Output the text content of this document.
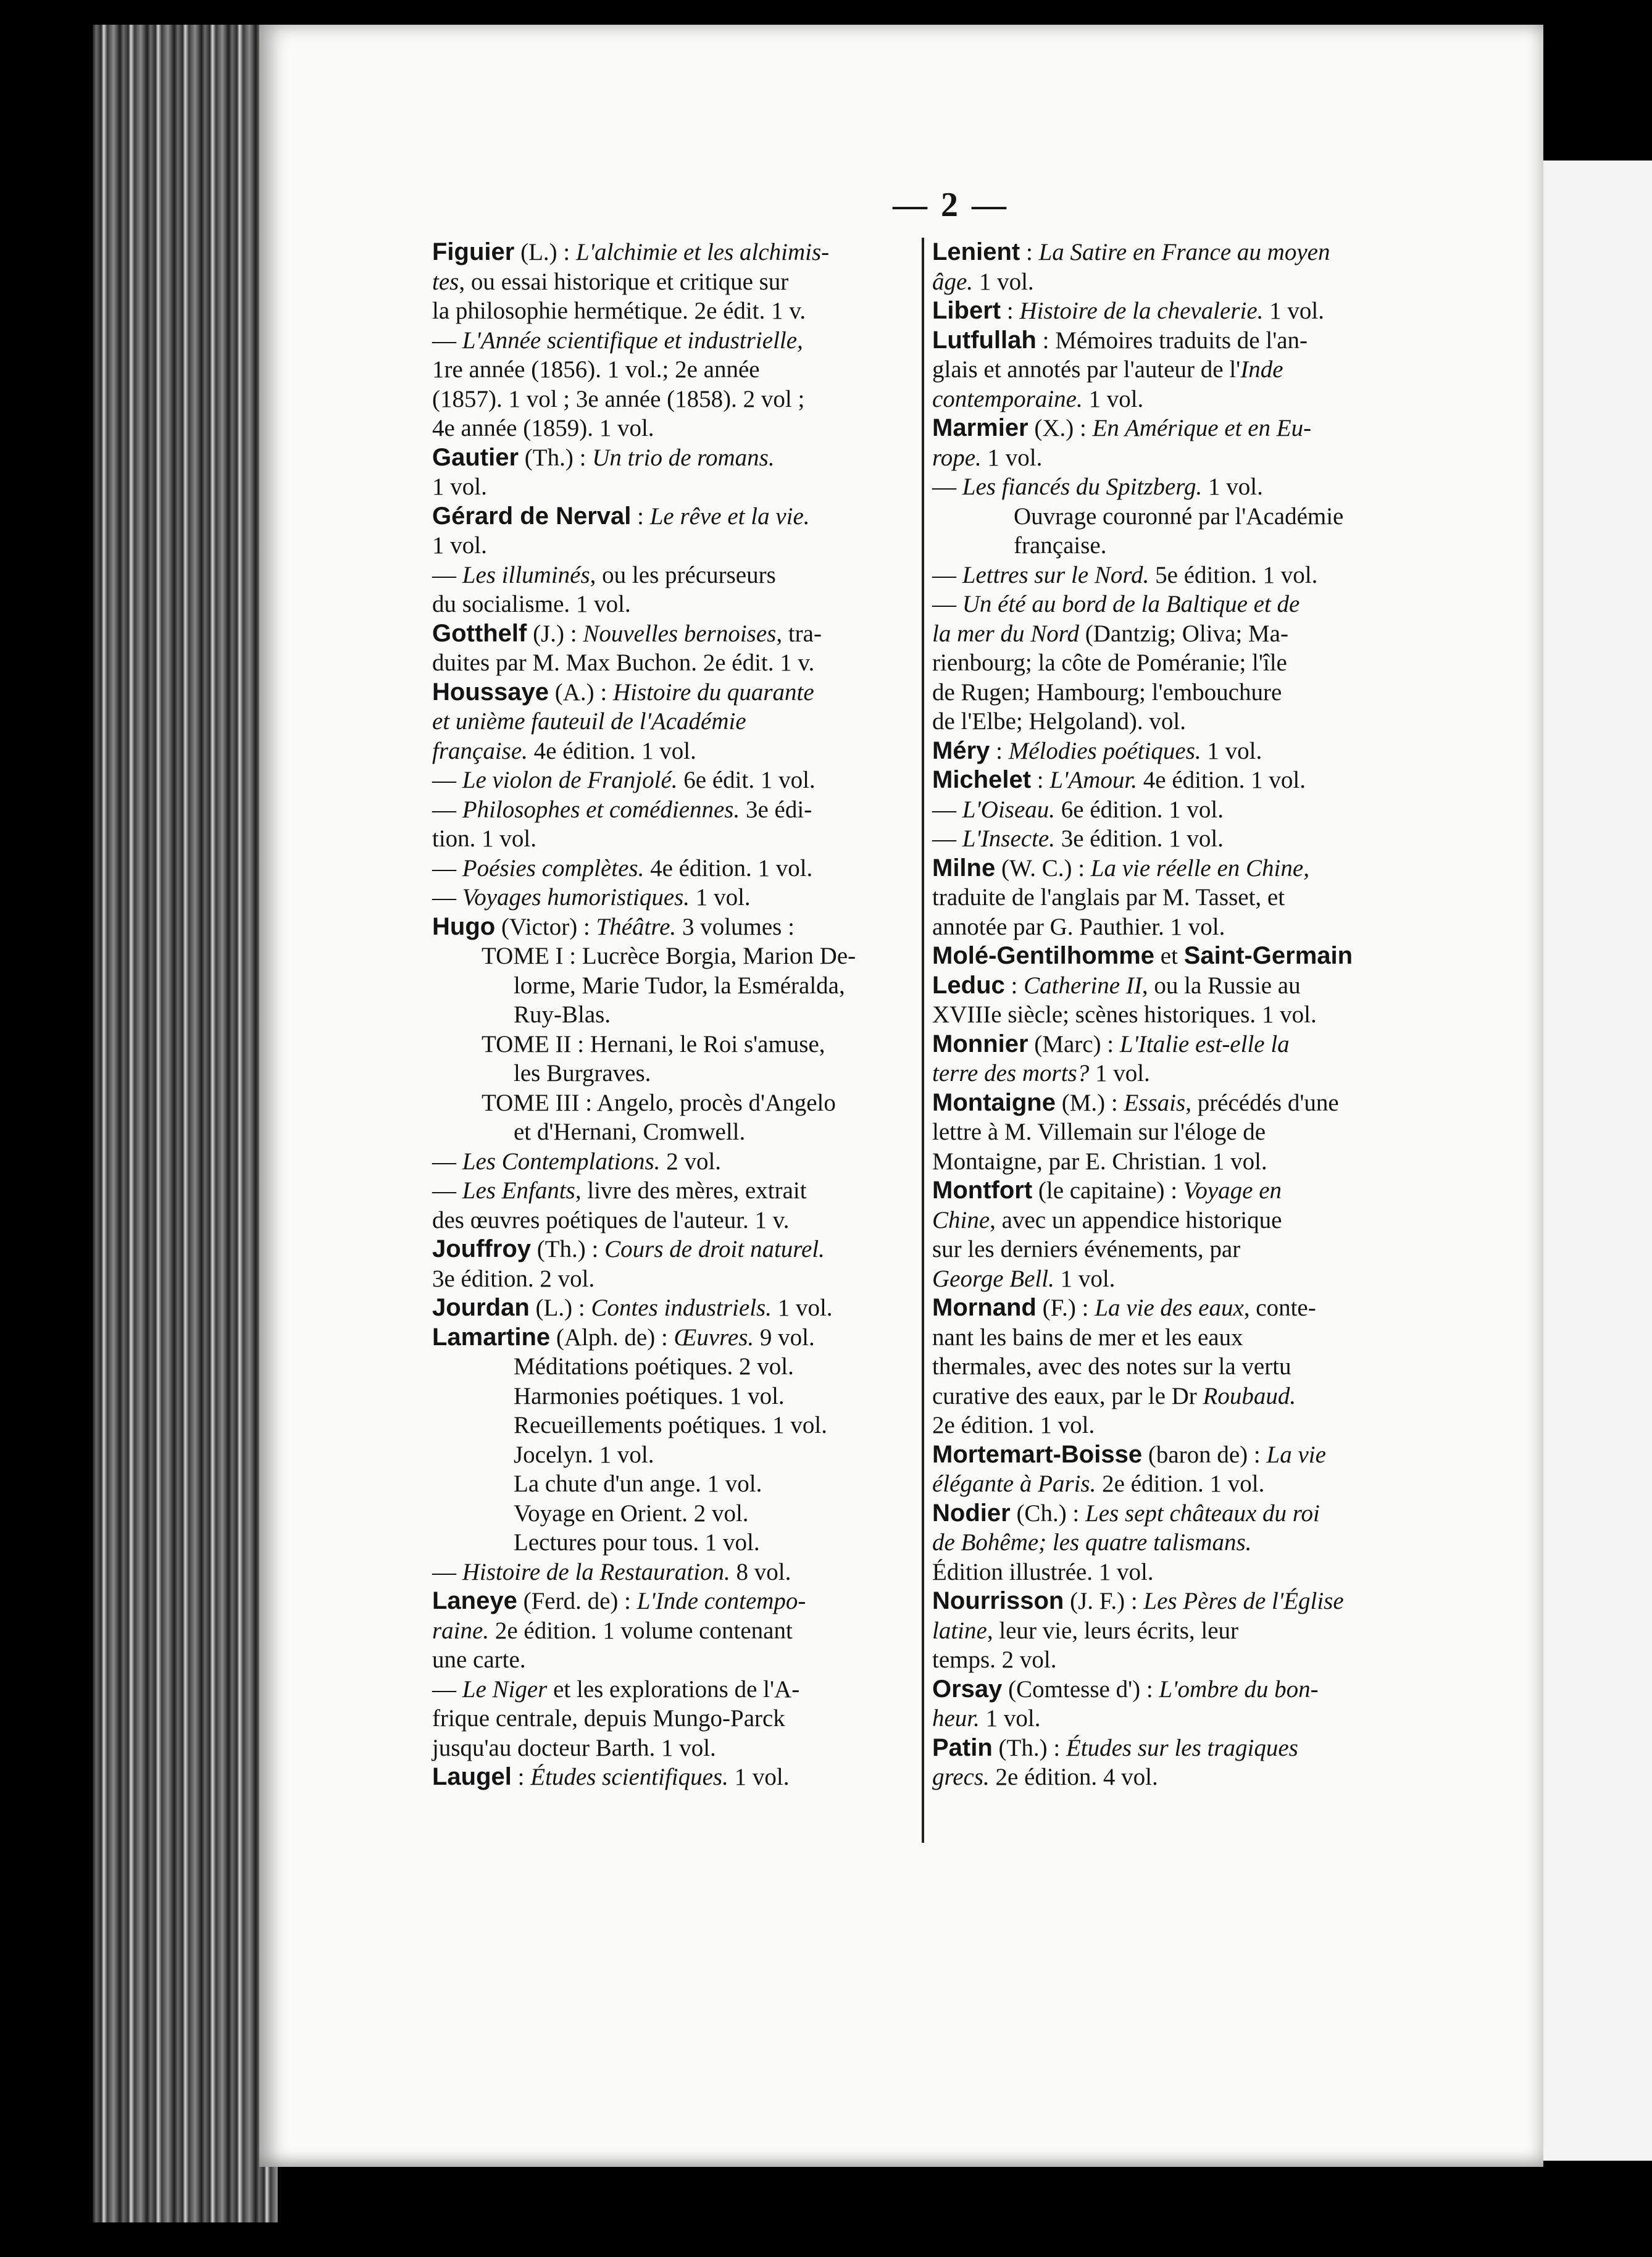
— 2 —
Figuier (L.) : L'alchimie et les alchimis-
tes, ou essai historique et critique sur
la philosophie hermétique. 2e édit. 1 v.
— L'Année scientifique et industrielle,
1re année (1856). 1 vol.; 2e année
(1857). 1 vol ; 3e année (1858). 2 vol ;
4e année (1859). 1 vol.
Gautier (Th.) : Un trio de romans.
1 vol.
Gérard de Nerval : Le rêve et la vie.
1 vol.
— Les illuminés, ou les précurseurs
du socialisme. 1 vol.
Gotthelf (J.) : Nouvelles bernoises, tra-
duites par M. Max Buchon. 2e édit. 1 v.
Houssaye (A.) : Histoire du quarante
et unième fauteuil de l'Académie
française. 4e édition. 1 vol.
— Le violon de Franjolé. 6e édit. 1 vol.
— Philosophes et comédiennes. 3e édi-
tion. 1 vol.
— Poésies complètes. 4e édition. 1 vol.
— Voyages humoristiques. 1 vol.
Hugo (Victor) : Théâtre. 3 volumes :
TOME I : Lucrèce Borgia, Marion De-
lorme, Marie Tudor, la Esméralda,
Ruy-Blas.
TOME II : Hernani, le Roi s'amuse,
les Burgraves.
TOME III : Angelo, procès d'Angelo
et d'Hernani, Cromwell.
— Les Contemplations. 2 vol.
— Les Enfants, livre des mères, extrait
des œuvres poétiques de l'auteur. 1 v.
Jouffroy (Th.) : Cours de droit naturel.
3e édition. 2 vol.
Jourdan (L.) : Contes industriels. 1 vol.
Lamartine (Alph. de) : Œuvres. 9 vol.
Méditations poétiques. 2 vol.
Harmonies poétiques. 1 vol.
Recueillements poétiques. 1 vol.
Jocelyn. 1 vol.
La chute d'un ange. 1 vol.
Voyage en Orient. 2 vol.
Lectures pour tous. 1 vol.
— Histoire de la Restauration. 8 vol.
Laneye (Ferd. de) : L'Inde contempo-
raine. 2e édition. 1 volume contenant
une carte.
— Le Niger et les explorations de l'A-
frique centrale, depuis Mungo-Parck
jusqu'au docteur Barth. 1 vol.
Laugel : Études scientifiques. 1 vol.
Lenient : La Satire en France au moyen
âge. 1 vol.
Libert : Histoire de la chevalerie. 1 vol.
Lutfullah : Mémoires traduits de l'an-
glais et annotés par l'auteur de l'Inde
contemporaine. 1 vol.
Marmier (X.) : En Amérique et en Eu-
rope. 1 vol.
— Les fiancés du Spitzberg. 1 vol.
Ouvrage couronné par l'Académie
française.
— Lettres sur le Nord. 5e édition. 1 vol.
— Un été au bord de la Baltique et de
la mer du Nord (Dantzig; Oliva; Ma-
rienbourg; la côte de Poméranie; l'île
de Rugen; Hambourg; l'embouchure
de l'Elbe; Helgoland). vol.
Méry : Mélodies poétiques. 1 vol.
Michelet : L'Amour. 4e édition. 1 vol.
— L'Oiseau. 6e édition. 1 vol.
— L'Insecte. 3e édition. 1 vol.
Milne (W. C.) : La vie réelle en Chine,
traduite de l'anglais par M. Tasset, et
annotée par G. Pauthier. 1 vol.
Molé-Gentilhomme et Saint-Germain
Leduc : Catherine II, ou la Russie au
XVIIIe siècle; scènes historiques. 1 vol.
Monnier (Marc) : L'Italie est-elle la
terre des morts? 1 vol.
Montaigne (M.) : Essais, précédés d'une
lettre à M. Villemain sur l'éloge de
Montaigne, par E. Christian. 1 vol.
Montfort (le capitaine) : Voyage en
Chine, avec un appendice historique
sur les derniers événements, par
George Bell. 1 vol.
Mornand (F.) : La vie des eaux, conte-
nant les bains de mer et les eaux
thermales, avec des notes sur la vertu
curative des eaux, par le Dr Roubaud.
2e édition. 1 vol.
Mortemart-Boisse (baron de) : La vie
élégante à Paris. 2e édition. 1 vol.
Nodier (Ch.) : Les sept châteaux du roi
de Bohême; les quatre talismans.
Édition illustrée. 1 vol.
Nourrisson (J. F.) : Les Pères de l'Église
latine, leur vie, leurs écrits, leur
temps. 2 vol.
Orsay (Comtesse d') : L'ombre du bon-
heur. 1 vol.
Patin (Th.) : Études sur les tragiques
grecs. 2e édition. 4 vol.
